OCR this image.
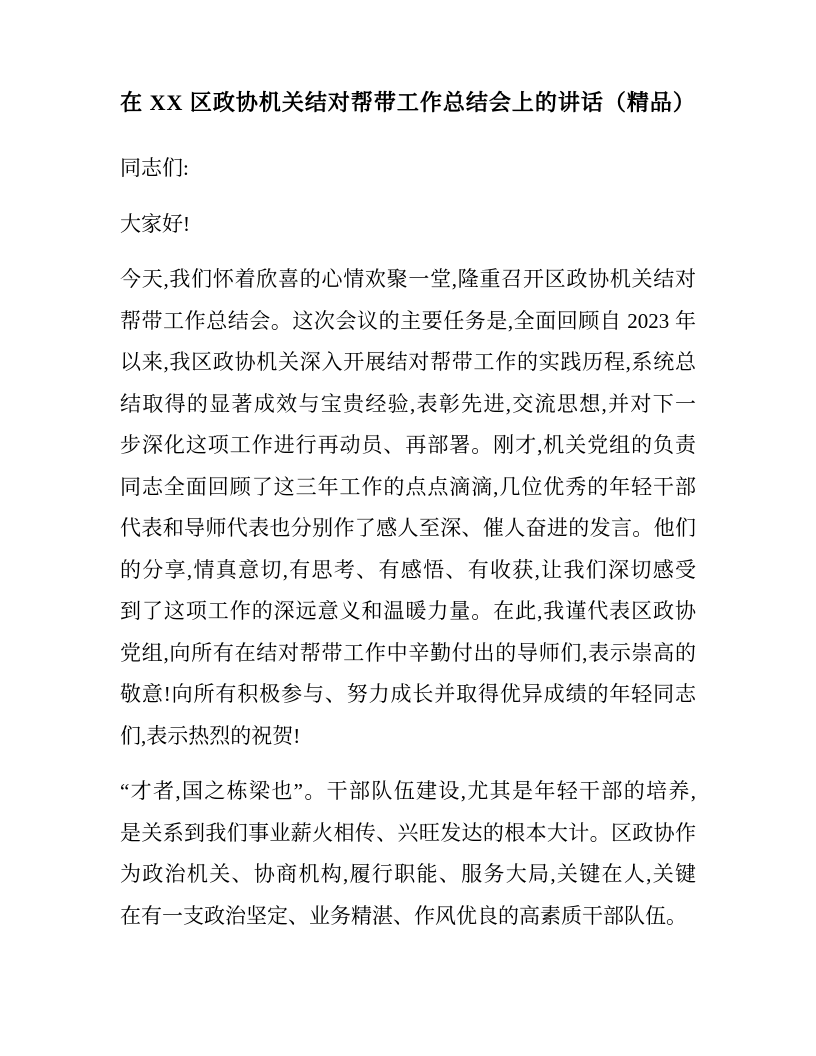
在 XX 区政协机关结对帮带工作总结会上的讲话（精品）

同志们:

大家好!

今天,我们怀着欣喜的心情欢聚一堂,隆重召开区政协机关结对
帮带工作总结会。这次会议的主要任务是,全面回顾自 2023 年
以来,我区政协机关深入开展结对帮带工作的实践历程,系统总
结取得的显著成效与宝贵经验,表彰先进,交流思想,并对下一
步深化这项工作进行再动员、再部署。刚才,机关党组的负责
同志全面回顾了这三年工作的点点滴滴,几位优秀的年轻干部
代表和导师代表也分别作了感人至深、催人奋进的发言。他们
的分享,情真意切,有思考、有感悟、有收获,让我们深切感受
到了这项工作的深远意义和温暖力量。在此,我谨代表区政协
党组,向所有在结对帮带工作中辛勤付出的导师们,表示崇高的
敬意!向所有积极参与、努力成长并取得优异成绩的年轻同志
们,表示热烈的祝贺!

“才者,国之栋梁也”。干部队伍建设,尤其是年轻干部的培养,
是关系到我们事业薪火相传、兴旺发达的根本大计。区政协作
为政治机关、协商机构,履行职能、服务大局,关键在人,关键
在有一支政治坚定、业务精湛、作风优良的高素质干部队伍。
